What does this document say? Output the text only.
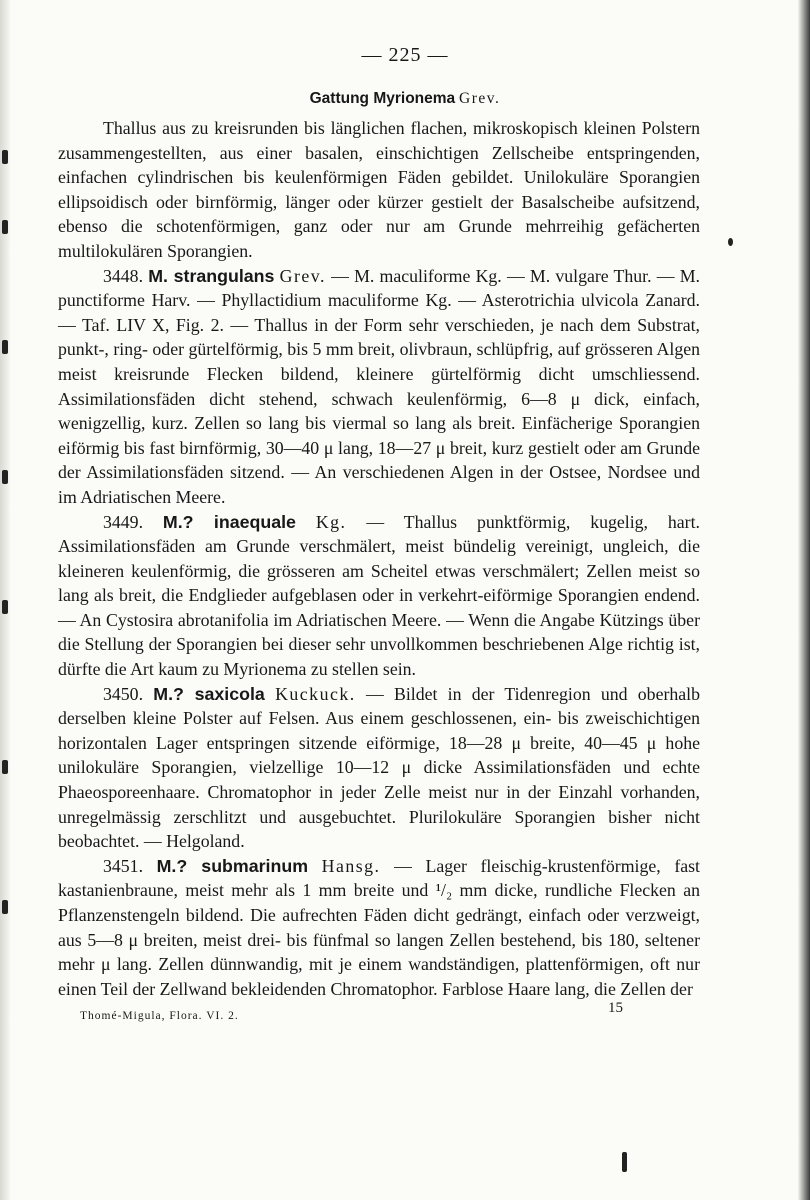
— 225 —
Gattung Myrionema Grev.

Thallus aus zu kreisrunden bis länglichen flachen, mikroskopisch kleinen Polstern zusammengestellten, aus einer basalen, einschichtigen Zellscheibe entspringenden, einfachen cylindrischen bis keulenförmigen Fäden gebildet. Unilokuläre Sporangien ellipsoidisch oder birnförmig, länger oder kürzer gestielt der Basalscheibe aufsitzend, ebenso die schotenförmigen, ganz oder nur am Grunde mehrreihig gefächerten multilokulären Sporangien.

3448. M. strangulans Grev. — M. maculiforme Kg. — M. vulgare Thur. — M. punctiforme Harv. — Phyllactidium maculiforme Kg. — Asterotrichia ulvicola Zanard. — Taf. LIV X, Fig. 2. — Thallus in der Form sehr verschieden, je nach dem Substrat, punkt-, ring- oder gürtelförmig, bis 5 mm breit, olivbraun, schlüpfrig, auf grösseren Algen meist kreisrunde Flecken bildend, kleinere gürtelförmig dicht umschliessend. Assimilationsfäden dicht stehend, schwach keulenförmig, 6—8 μ dick, einfach, wenigzellig, kurz. Zellen so lang bis viermal so lang als breit. Einfächerige Sporangien eiförmig bis fast birnförmig, 30—40 μ lang, 18—27 μ breit, kurz gestielt oder am Grunde der Assimilationsfäden sitzend. — An verschiedenen Algen in der Ostsee, Nordsee und im Adriatischen Meere.

3449. M.? inaequale Kg. — Thallus punktförmig, kugelig, hart. Assimilationsfäden am Grunde verschmälert, meist bündelig vereinigt, ungleich, die kleineren keulenförmig, die grösseren am Scheitel etwas verschmälert; Zellen meist so lang als breit, die Endglieder aufgeblasen oder in verkehrt-eiförmige Sporangien endend. — An Cystosira abrotanifolia im Adriatischen Meere. — Wenn die Angabe Kützings über die Stellung der Sporangien bei dieser sehr unvollkommen beschriebenen Alge richtig ist, dürfte die Art kaum zu Myrionema zu stellen sein.

3450. M.? saxicola Kuckuck. — Bildet in der Tidenregion und oberhalb derselben kleine Polster auf Felsen. Aus einem geschlossenen, ein- bis zweischichtigen horizontalen Lager entspringen sitzende eiförmige, 18—28 μ breite, 40—45 μ hohe unilokuläre Sporangien, vielzellige 10—12 μ dicke Assimilationsfäden und echte Phaeosporeenhaare. Chromatophor in jeder Zelle meist nur in der Einzahl vorhanden, unregelmässig zerschlitzt und ausgebuchtet. Plurilokuläre Sporangien bisher nicht beobachtet. — Helgoland.

3451. M.? submarinum Hansg. — Lager fleischig-krustenförmige, fast kastanienbraune, meist mehr als 1 mm breite und ¹/₂ mm dicke, rundliche Flecken an Pflanzenstengeln bildend. Die aufrechten Fäden dicht gedrängt, einfach oder verzweigt, aus 5—8 μ breiten, meist drei- bis fünfmal so langen Zellen bestehend, bis 180, seltener mehr μ lang. Zellen dünnwandig, mit je einem wandständigen, plattenförmigen, oft nur einen Teil der Zellwand bekleidenden Chromatophor. Farblose Haare lang, die Zellen der

Thomé-Migula, Flora. VI. 2.	15
